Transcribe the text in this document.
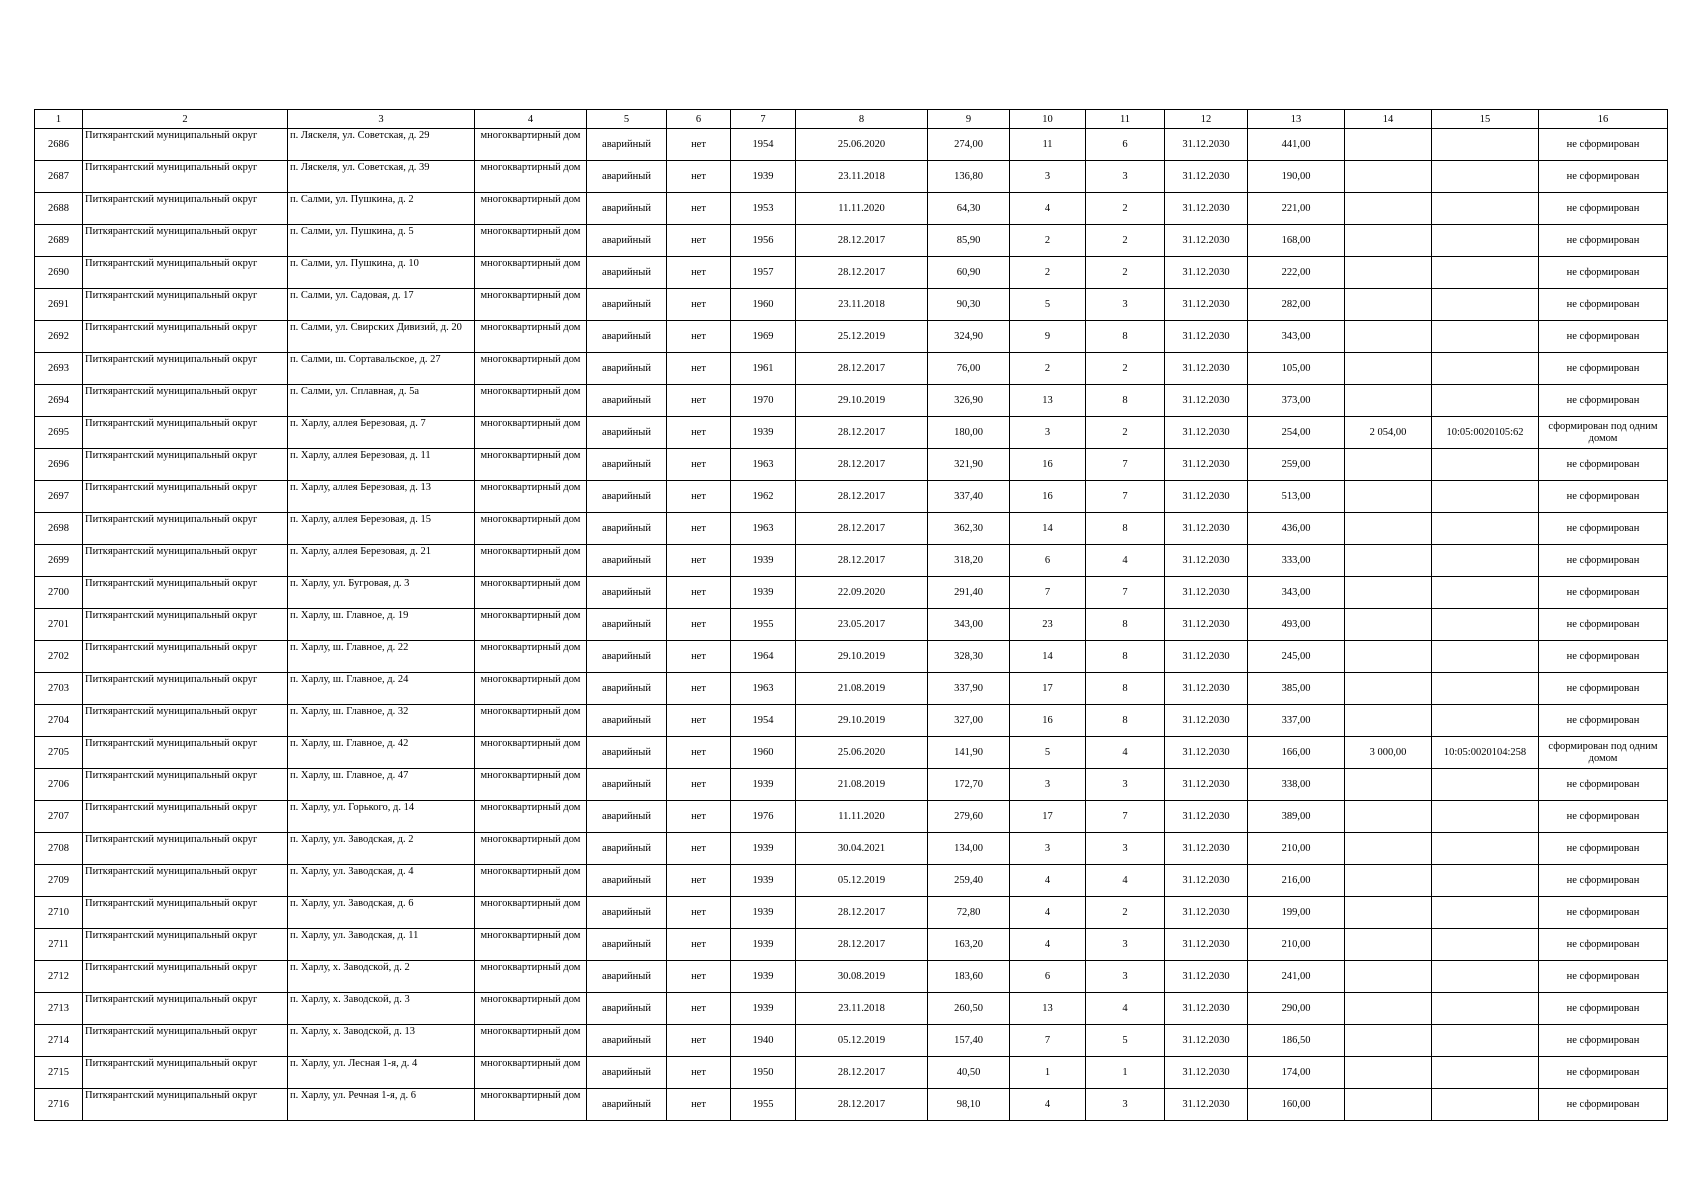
1	2	3	4	5	6	7	8	9	10	11	12	13	14	15	16
2686	Питкярантский муниципальный округ	п. Ляскеля, ул. Советская, д. 29	многоквартирный дом	аварийный	нет	1954	25.06.2020	274,00	11	6	31.12.2030	441,00			не сформирован
2687	Питкярантский муниципальный округ	п. Ляскеля, ул. Советская, д. 39	многоквартирный дом	аварийный	нет	1939	23.11.2018	136,80	3	3	31.12.2030	190,00			не сформирован
2688	Питкярантский муниципальный округ	п. Салми, ул. Пушкина, д. 2	многоквартирный дом	аварийный	нет	1953	11.11.2020	64,30	4	2	31.12.2030	221,00			не сформирован
2689	Питкярантский муниципальный округ	п. Салми, ул. Пушкина, д. 5	многоквартирный дом	аварийный	нет	1956	28.12.2017	85,90	2	2	31.12.2030	168,00			не сформирован
2690	Питкярантский муниципальный округ	п. Салми, ул. Пушкина, д. 10	многоквартирный дом	аварийный	нет	1957	28.12.2017	60,90	2	2	31.12.2030	222,00			не сформирован
2691	Питкярантский муниципальный округ	п. Салми, ул. Садовая, д. 17	многоквартирный дом	аварийный	нет	1960	23.11.2018	90,30	5	3	31.12.2030	282,00			не сформирован
2692	Питкярантский муниципальный округ	п. Салми, ул. Свирских Дивизий, д. 20	многоквартирный дом	аварийный	нет	1969	25.12.2019	324,90	9	8	31.12.2030	343,00			не сформирован
2693	Питкярантский муниципальный округ	п. Салми, ш. Сортавальское, д. 27	многоквартирный дом	аварийный	нет	1961	28.12.2017	76,00	2	2	31.12.2030	105,00			не сформирован
2694	Питкярантский муниципальный округ	п. Салми, ул. Сплавная, д. 5а	многоквартирный дом	аварийный	нет	1970	29.10.2019	326,90	13	8	31.12.2030	373,00			не сформирован
2695	Питкярантский муниципальный округ	п. Харлу, аллея Березовая, д. 7	многоквартирный дом	аварийный	нет	1939	28.12.2017	180,00	3	2	31.12.2030	254,00	2 054,00	10:05:0020105:62	сформирован под одним домом
2696	Питкярантский муниципальный округ	п. Харлу, аллея Березовая, д. 11	многоквартирный дом	аварийный	нет	1963	28.12.2017	321,90	16	7	31.12.2030	259,00			не сформирован
2697	Питкярантский муниципальный округ	п. Харлу, аллея Березовая, д. 13	многоквартирный дом	аварийный	нет	1962	28.12.2017	337,40	16	7	31.12.2030	513,00			не сформирован
2698	Питкярантский муниципальный округ	п. Харлу, аллея Березовая, д. 15	многоквартирный дом	аварийный	нет	1963	28.12.2017	362,30	14	8	31.12.2030	436,00			не сформирован
2699	Питкярантский муниципальный округ	п. Харлу, аллея Березовая, д. 21	многоквартирный дом	аварийный	нет	1939	28.12.2017	318,20	6	4	31.12.2030	333,00			не сформирован
2700	Питкярантский муниципальный округ	п. Харлу, ул. Бугровая, д. 3	многоквартирный дом	аварийный	нет	1939	22.09.2020	291,40	7	7	31.12.2030	343,00			не сформирован
2701	Питкярантский муниципальный округ	п. Харлу, ш. Главное, д. 19	многоквартирный дом	аварийный	нет	1955	23.05.2017	343,00	23	8	31.12.2030	493,00			не сформирован
2702	Питкярантский муниципальный округ	п. Харлу, ш. Главное, д. 22	многоквартирный дом	аварийный	нет	1964	29.10.2019	328,30	14	8	31.12.2030	245,00			не сформирован
2703	Питкярантский муниципальный округ	п. Харлу, ш. Главное, д. 24	многоквартирный дом	аварийный	нет	1963	21.08.2019	337,90	17	8	31.12.2030	385,00			не сформирован
2704	Питкярантский муниципальный округ	п. Харлу, ш. Главное, д. 32	многоквартирный дом	аварийный	нет	1954	29.10.2019	327,00	16	8	31.12.2030	337,00			не сформирован
2705	Питкярантский муниципальный округ	п. Харлу, ш. Главное, д. 42	многоквартирный дом	аварийный	нет	1960	25.06.2020	141,90	5	4	31.12.2030	166,00	3 000,00	10:05:0020104:258	сформирован под одним домом
2706	Питкярантский муниципальный округ	п. Харлу, ш. Главное, д. 47	многоквартирный дом	аварийный	нет	1939	21.08.2019	172,70	3	3	31.12.2030	338,00			не сформирован
2707	Питкярантский муниципальный округ	п. Харлу, ул. Горького, д. 14	многоквартирный дом	аварийный	нет	1976	11.11.2020	279,60	17	7	31.12.2030	389,00			не сформирован
2708	Питкярантский муниципальный округ	п. Харлу, ул. Заводская, д. 2	многоквартирный дом	аварийный	нет	1939	30.04.2021	134,00	3	3	31.12.2030	210,00			не сформирован
2709	Питкярантский муниципальный округ	п. Харлу, ул. Заводская, д. 4	многоквартирный дом	аварийный	нет	1939	05.12.2019	259,40	4	4	31.12.2030	216,00			не сформирован
2710	Питкярантский муниципальный округ	п. Харлу, ул. Заводская, д. 6	многоквартирный дом	аварийный	нет	1939	28.12.2017	72,80	4	2	31.12.2030	199,00			не сформирован
2711	Питкярантский муниципальный округ	п. Харлу, ул. Заводская, д. 11	многоквартирный дом	аварийный	нет	1939	28.12.2017	163,20	4	3	31.12.2030	210,00			не сформирован
2712	Питкярантский муниципальный округ	п. Харлу, х. Заводской, д. 2	многоквартирный дом	аварийный	нет	1939	30.08.2019	183,60	6	3	31.12.2030	241,00			не сформирован
2713	Питкярантский муниципальный округ	п. Харлу, х. Заводской, д. 3	многоквартирный дом	аварийный	нет	1939	23.11.2018	260,50	13	4	31.12.2030	290,00			не сформирован
2714	Питкярантский муниципальный округ	п. Харлу, х. Заводской, д. 13	многоквартирный дом	аварийный	нет	1940	05.12.2019	157,40	7	5	31.12.2030	186,50			не сформирован
2715	Питкярантский муниципальный округ	п. Харлу, ул. Лесная 1-я, д. 4	многоквартирный дом	аварийный	нет	1950	28.12.2017	40,50	1	1	31.12.2030	174,00			не сформирован
2716	Питкярантский муниципальный округ	п. Харлу, ул. Речная 1-я, д. 6	многоквартирный дом	аварийный	нет	1955	28.12.2017	98,10	4	3	31.12.2030	160,00			не сформирован
